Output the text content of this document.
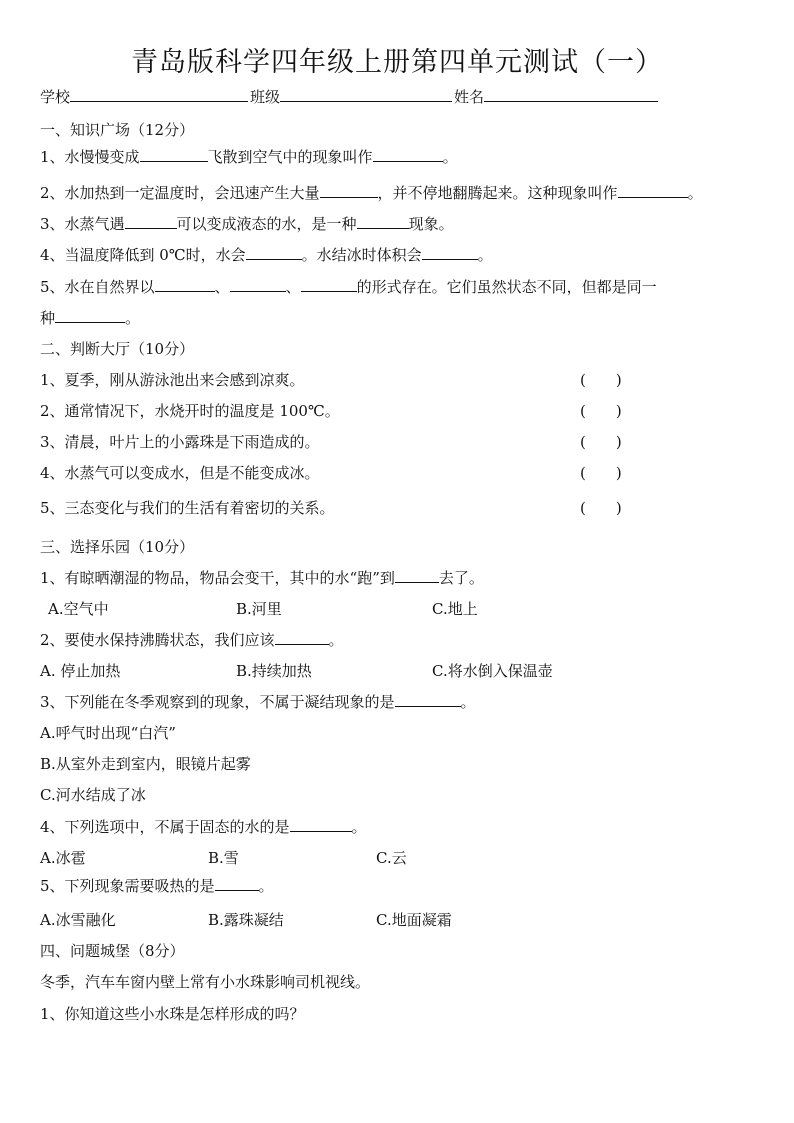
青岛版科学四年级上册第四单元测试（一）
学校	班级	姓名
一、知识广场（12分）
1、水慢慢变成	飞散到空气中的现象叫作	。
2、水加热到一定温度时，会迅速产生大量	，并不停地翻腾起来。这种现象叫作	。
3、水蒸气遇	可以变成液态的水，是一种	现象。
4、当温度降低到 0℃时，水会	。水结冰时体积会	。
5、水在自然界以	、	、	的形式存在。它们虽然状态不同，但都是同一
种	。
二、判断大厅（10分）
1、夏季，刚从游泳池出来会感到凉爽。	(　　)
2、通常情况下，水烧开时的温度是 100℃。	(　　)
3、清晨，叶片上的小露珠是下雨造成的。	(　　)
4、水蒸气可以变成水，但是不能变成冰。	(　　)
5、三态变化与我们的生活有着密切的关系。	(　　)
三、选择乐园（10分）
1、有晾晒潮湿的物品，物品会变干，其中的水“跑”到	去了。
A.空气中	B.河里	C.地上
2、要使水保持沸腾状态，我们应该	。
A. 停止加热	B.持续加热	C.将水倒入保温壶
3、下列能在冬季观察到的现象，不属于凝结现象的是	。
A.呼气时出现“白汽”
B.从室外走到室内，眼镜片起雾
C.河水结成了冰
4、下列选项中，不属于固态的水的是	。
A.冰雹	B.雪	C.云
5、下列现象需要吸热的是	。
A.冰雪融化	B.露珠凝结	C.地面凝霜
四、问题城堡（8分）
冬季，汽车车窗内壁上常有小水珠影响司机视线。
1、你知道这些小水珠是怎样形成的吗？
